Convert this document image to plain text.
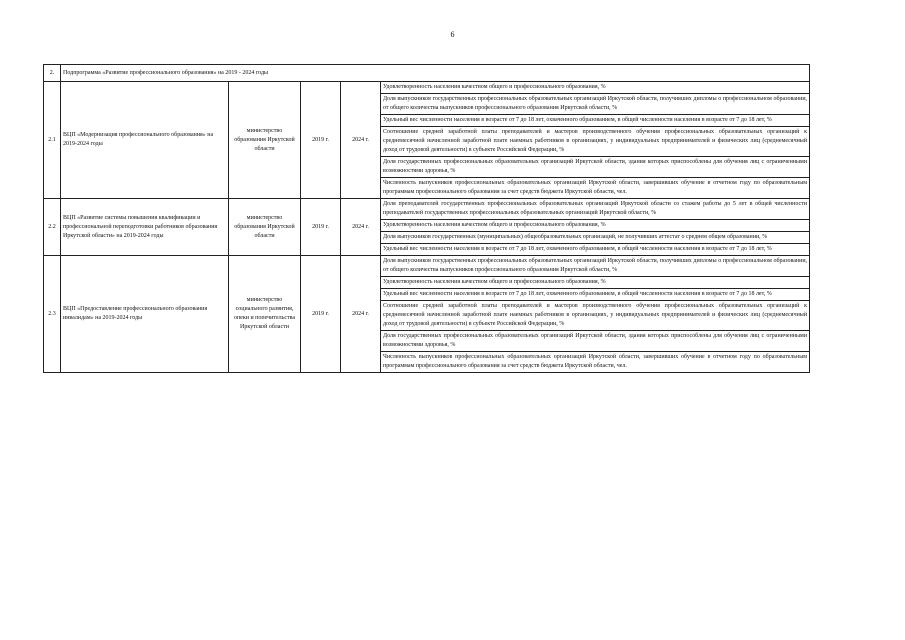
6
2.	Подпрограмма «Развитие профессионального образования» на 2019 - 2024 годы				
2.1	ВЦП «Модернизация профессионального образования» на 2019-2024 годы	министерство образования Иркутской области	2019 г.	2024 г.	Удовлетворенность населения качеством общего и профессионального образования, %
					Доля выпускников государственных профессиональных образовательных организаций Иркутской области, получивших дипломы о профессиональном образовании, от общего количества выпускников профессионального образования Иркутской области, %
					Удельный вес численности населения в возрасте от 7 до 18 лет, охваченного образованием, в общей численности населения в возрасте от 7 до 18 лет, %
					Соотношение средней заработной платы преподавателей и мастеров производственного обучения профессиональных образовательных организаций к среднемесячной начисленной заработной плате наемных работников в организациях, у индивидуальных предпринимателей и физических лиц (среднемесячный доход от трудовой деятельности) в субъекте Российской Федерации, %
					Доля государственных профессиональных образовательных организаций Иркутской области, здания которых приспособлены для обучения лиц с ограниченными возможностями здоровья, %
					Численность выпускников профессиональных образовательных организаций Иркутской области, завершивших обучение в отчетном году по образовательным программам профессионального образования за счет средств бюджета Иркутской области, чел.
2.2	ВЦП «Развитие системы повышения квалификации и профессиональной переподготовки работников образования Иркутской области» на 2019-2024 годы	министерство образования Иркутской области	2019 г.	2024 г.	Доля преподавателей государственных профессиональных образовательных организаций Иркутской области со стажем работы до 5 лет в общей численности преподавателей государственных профессиональных образовательных организаций Иркутской области, %
					Удовлетворенность населения качеством общего и профессионального образования, %
					Доля выпускников государственных (муниципальных) общеобразовательных организаций, не получивших аттестат о среднем общем образовании, %
					Удельный вес численности населения в возрасте от 7 до 18 лет, охваченного образованием, в общей численности населения в возрасте от 7 до 18 лет, %
2.3	ВЦП «Предоставление профессионального образования инвалидам» на 2019-2024 годы	министерство социального развития, опеки и попечительства Иркутской области	2019 г.	2024 г.	Доля выпускников государственных профессиональных образовательных организаций Иркутской области, получивших дипломы о профессиональном образовании, от общего количества выпускников профессионального образования Иркутской области, %
					Удовлетворенность населения качеством общего и профессионального образования, %
					Удельный вес численности населения в возрасте от 7 до 18 лет, охваченного образованием, в общей численности населения в возрасте от 7 до 18 лет, %
					Соотношение средней заработной платы преподавателей и мастеров производственного обучения профессиональных образовательных организаций к среднемесячной начисленной заработной плате наемных работников в организациях, у индивидуальных предпринимателей и физических лиц (среднемесячный доход от трудовой деятельности) в субъекте Российской Федерации, %
					Доля государственных профессиональных образовательных организаций Иркутской области, здания которых приспособлены для обучения лиц с ограниченными возможностями здоровья, %
					Численность выпускников профессиональных образовательных организаций Иркутской области, завершивших обучение в отчетном году по образовательным программам профессионального образования за счет средств бюджета Иркутской области, чел.
